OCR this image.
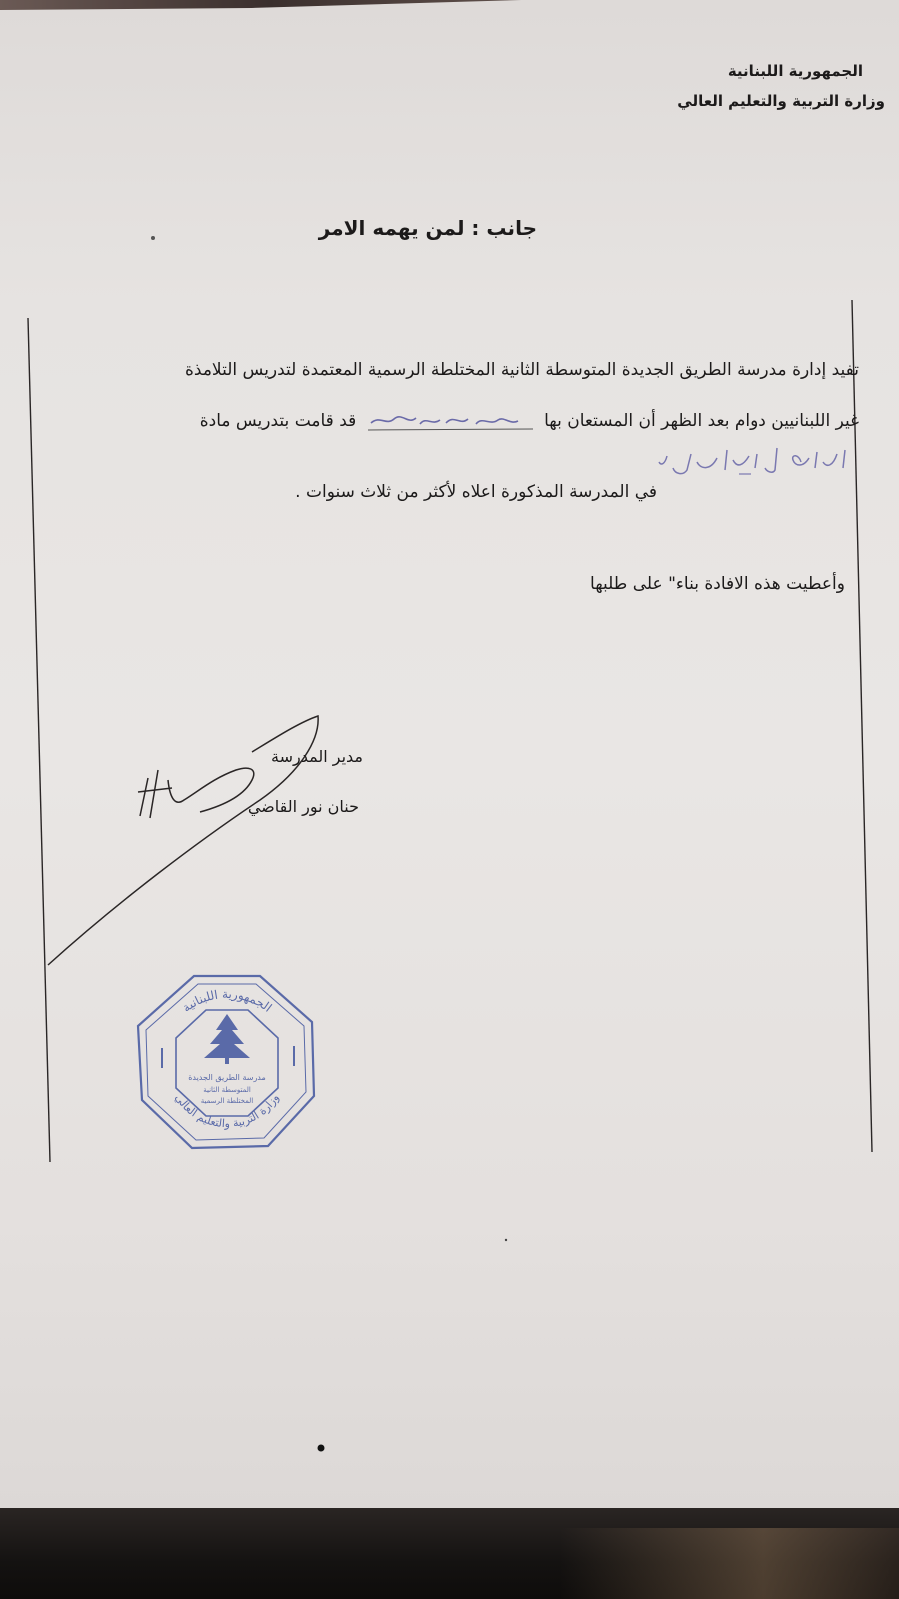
الجمهورية اللبنانية
وزارة التربية والتعليم العالي
جانب : لمن يهمه الامر
تفيد إدارة مدرسة الطريق الجديدة المتوسطة الثانية المختلطة الرسمية المعتمدة لتدريس التلامذة
غير اللبنانيين دوام بعد الظهر أن المستعان بها
قد قامت بتدريس مادة
في المدرسة المذكورة اعلاه لأكثر من ثلاث سنوات .
وأعطيت هذه الافادة بناء" على طلبها
مدير المدرسة
حنان نور القاضي
الجمهورية اللبنانية
وزارة التربية والتعليم العالي
مدرسة الطريق الجديدة
المتوسطة الثانية
المختلطة الرسمية
